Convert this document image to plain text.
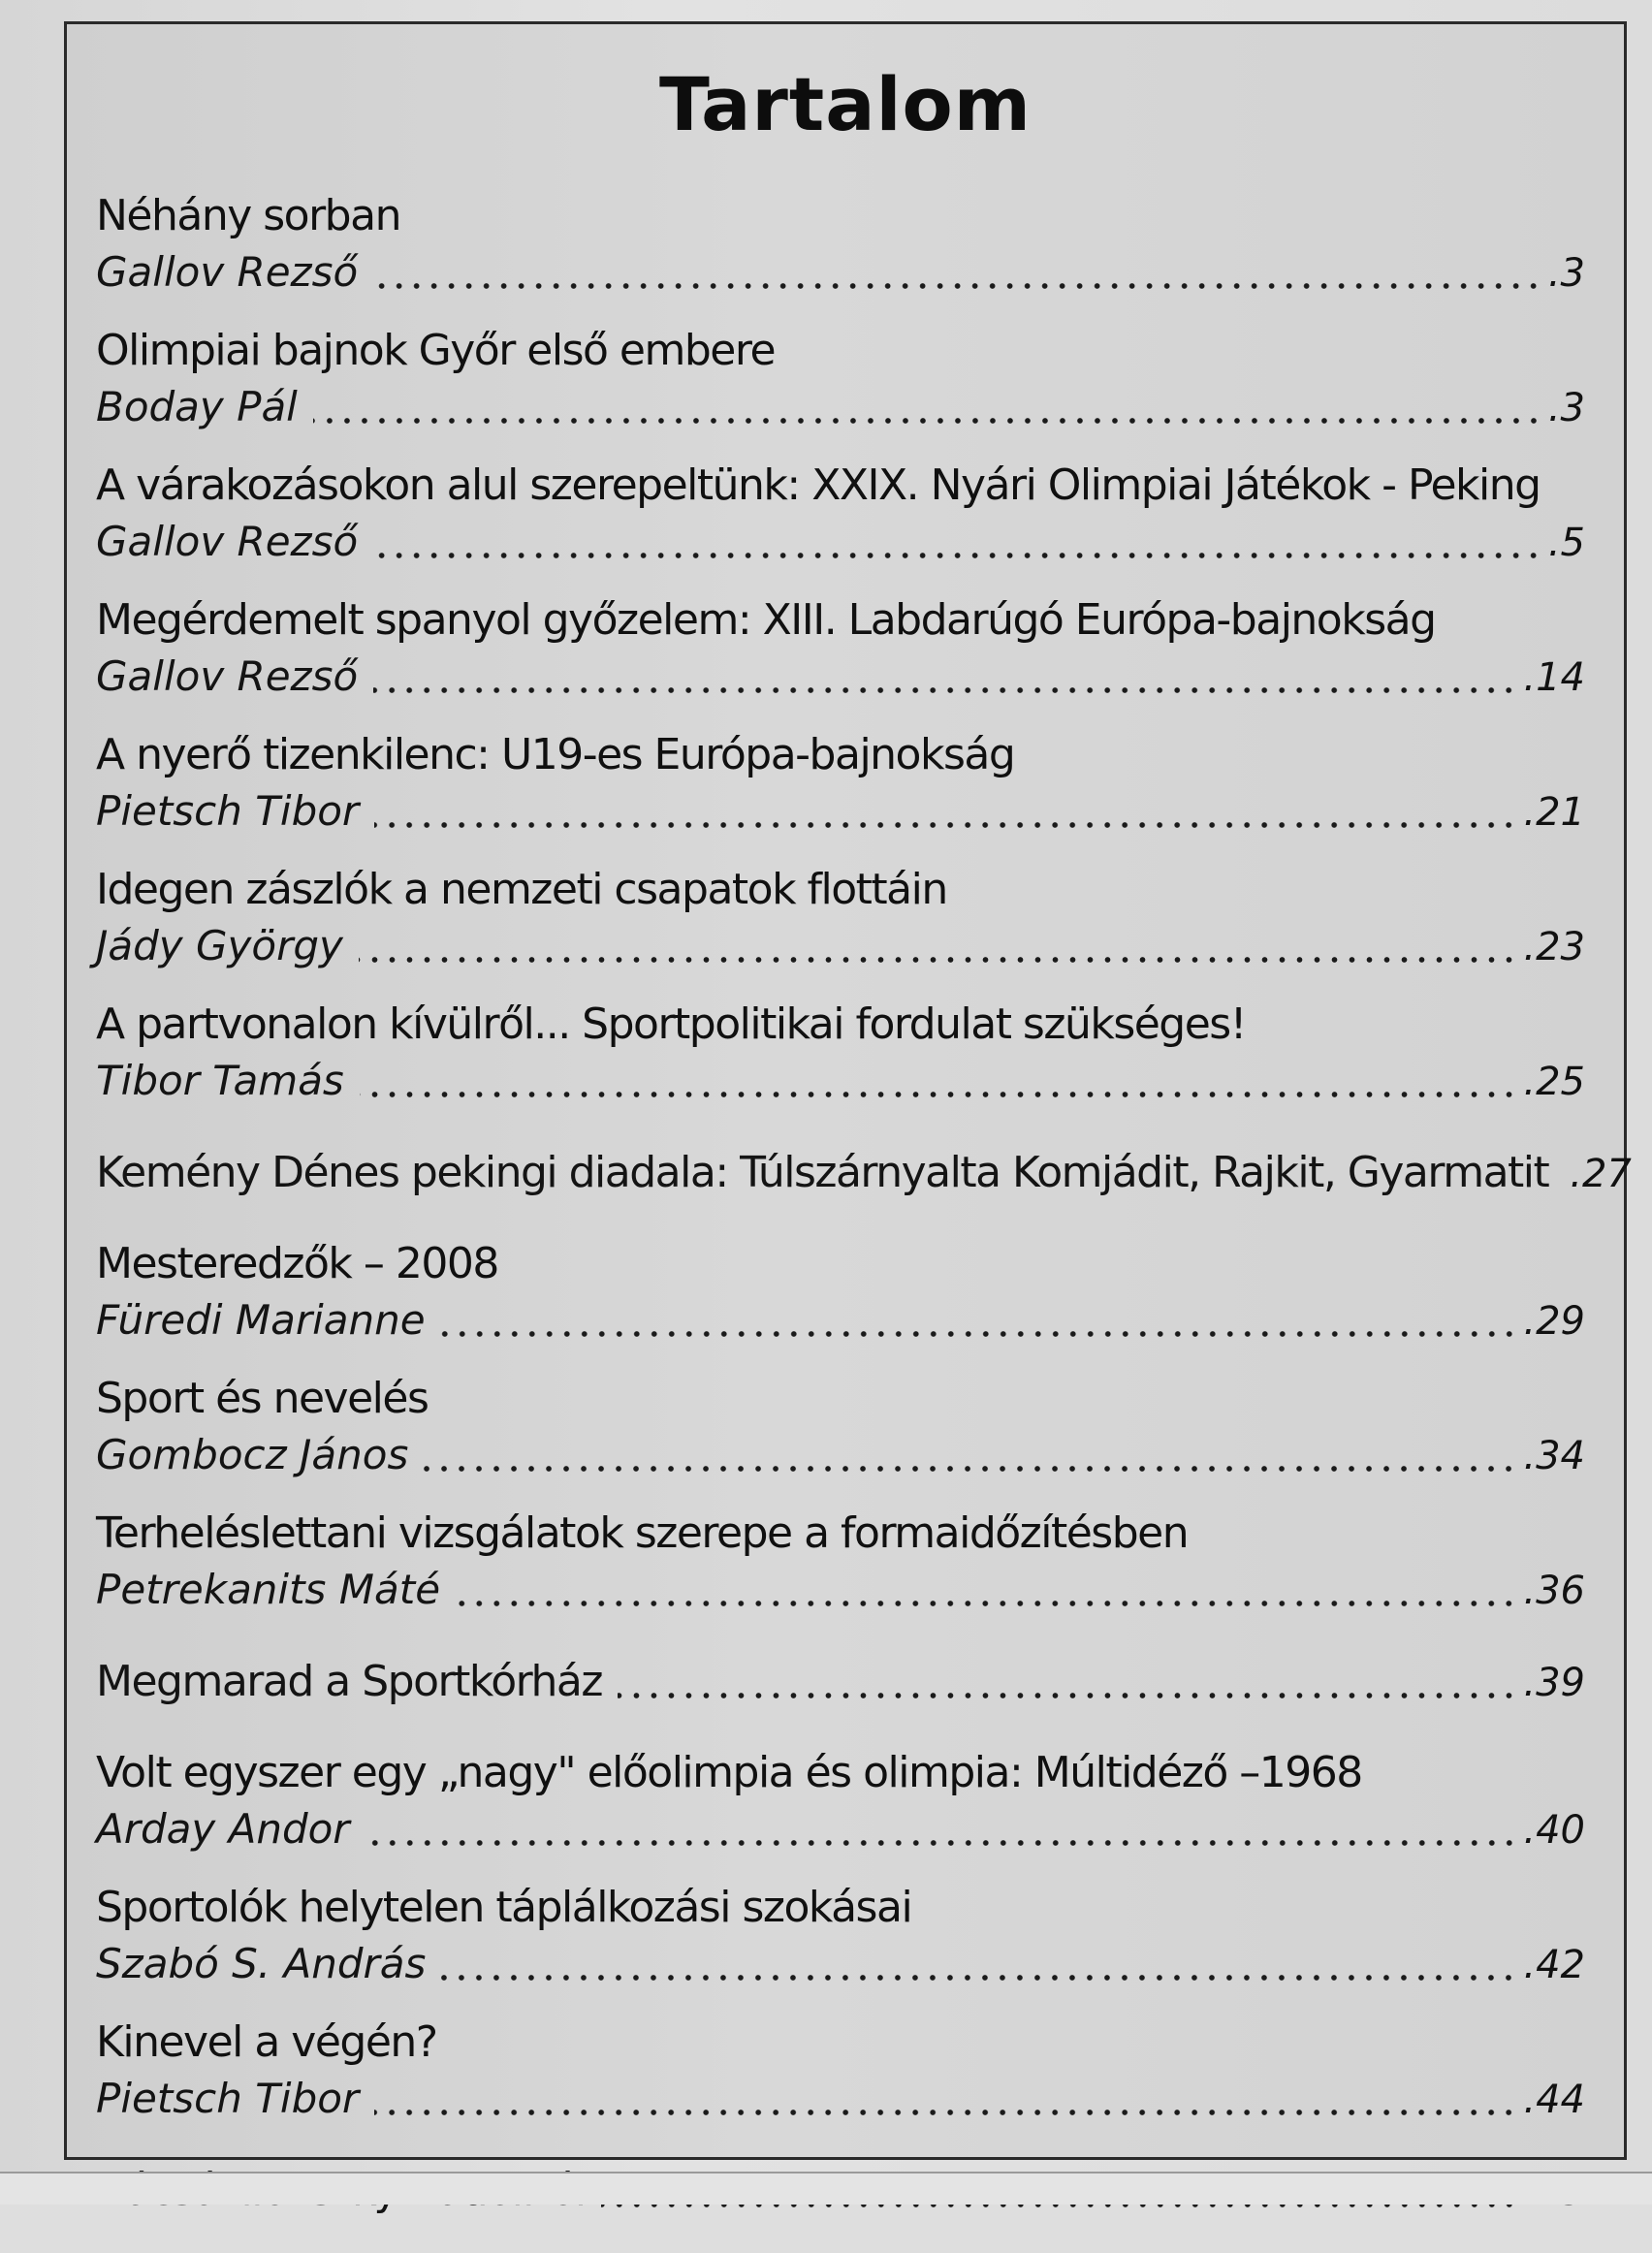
Tartalom
Néhány sorban
Gallov Rezső	.3
Olimpiai bajnok Győr első embere
Boday Pál	.3
A várakozásokon alul szerepeltünk: XXIX. Nyári Olimpiai Játékok - Peking
Gallov Rezső	.5
Megérdemelt spanyol győzelem: XIII. Labdarúgó Európa-bajnokság
Gallov Rezső	.14
A nyerő tizenkilenc: U19-es Európa-bajnokság
Pietsch Tibor	.21
Idegen zászlók a nemzeti csapatok flottáin
Jády György	.23
A partvonalon kívülről... Sportpolitikai fordulat szükséges!
Tibor Tamás	.25
Kemény Dénes pekingi diadala: Túlszárnyalta Komjádit, Rajkit, Gyarmatit .27
Mesteredzők – 2008
Füredi Marianne	.29
Sport és nevelés
Gombocz János	.34
Terheléslettani vizsgálatok szerepe a formaidőzítésben
Petrekanits Máté	.36
Megmarad a Sportkórház	.39
Volt egyszer egy „nagy" előolimpia és olimpia: Múltidéző –1968
Arday Andor	.40
Sportolók helytelen táplálkozási szokásai
Szabó S. András	.42
Kinevel a végén?
Pietsch Tibor	.44
